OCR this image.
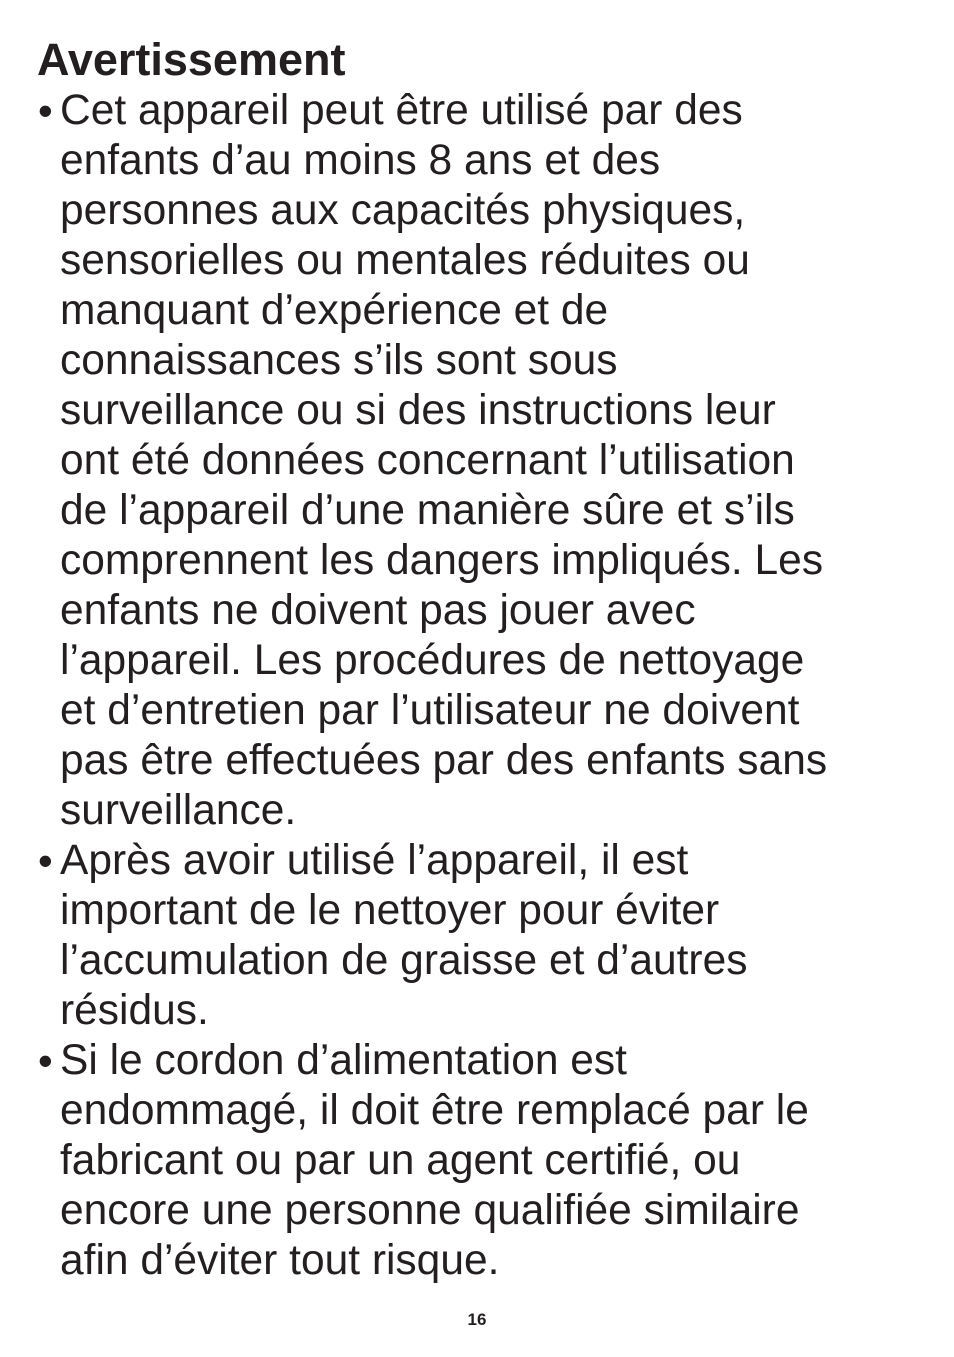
Avertissement
• Cet appareil peut être utilisé par des
enfants d’au moins 8 ans et des
personnes aux capacités physiques,
sensorielles ou mentales réduites ou
manquant d’expérience et de
connaissances s’ils sont sous
surveillance ou si des instructions leur
ont été données concernant l’utilisation
de l’appareil d’une manière sûre et s’ils
comprennent les dangers impliqués. Les
enfants ne doivent pas jouer avec
l’appareil. Les procédures de nettoyage
et d’entretien par l’utilisateur ne doivent
pas être effectuées par des enfants sans
surveillance.
• Après avoir utilisé l’appareil, il est
important de le nettoyer pour éviter
l’accumulation de graisse et d’autres
résidus.
• Si le cordon d’alimentation est
endommagé, il doit être remplacé par le
fabricant ou par un agent certifié, ou
encore une personne qualifiée similaire
afin d’éviter tout risque.
16
